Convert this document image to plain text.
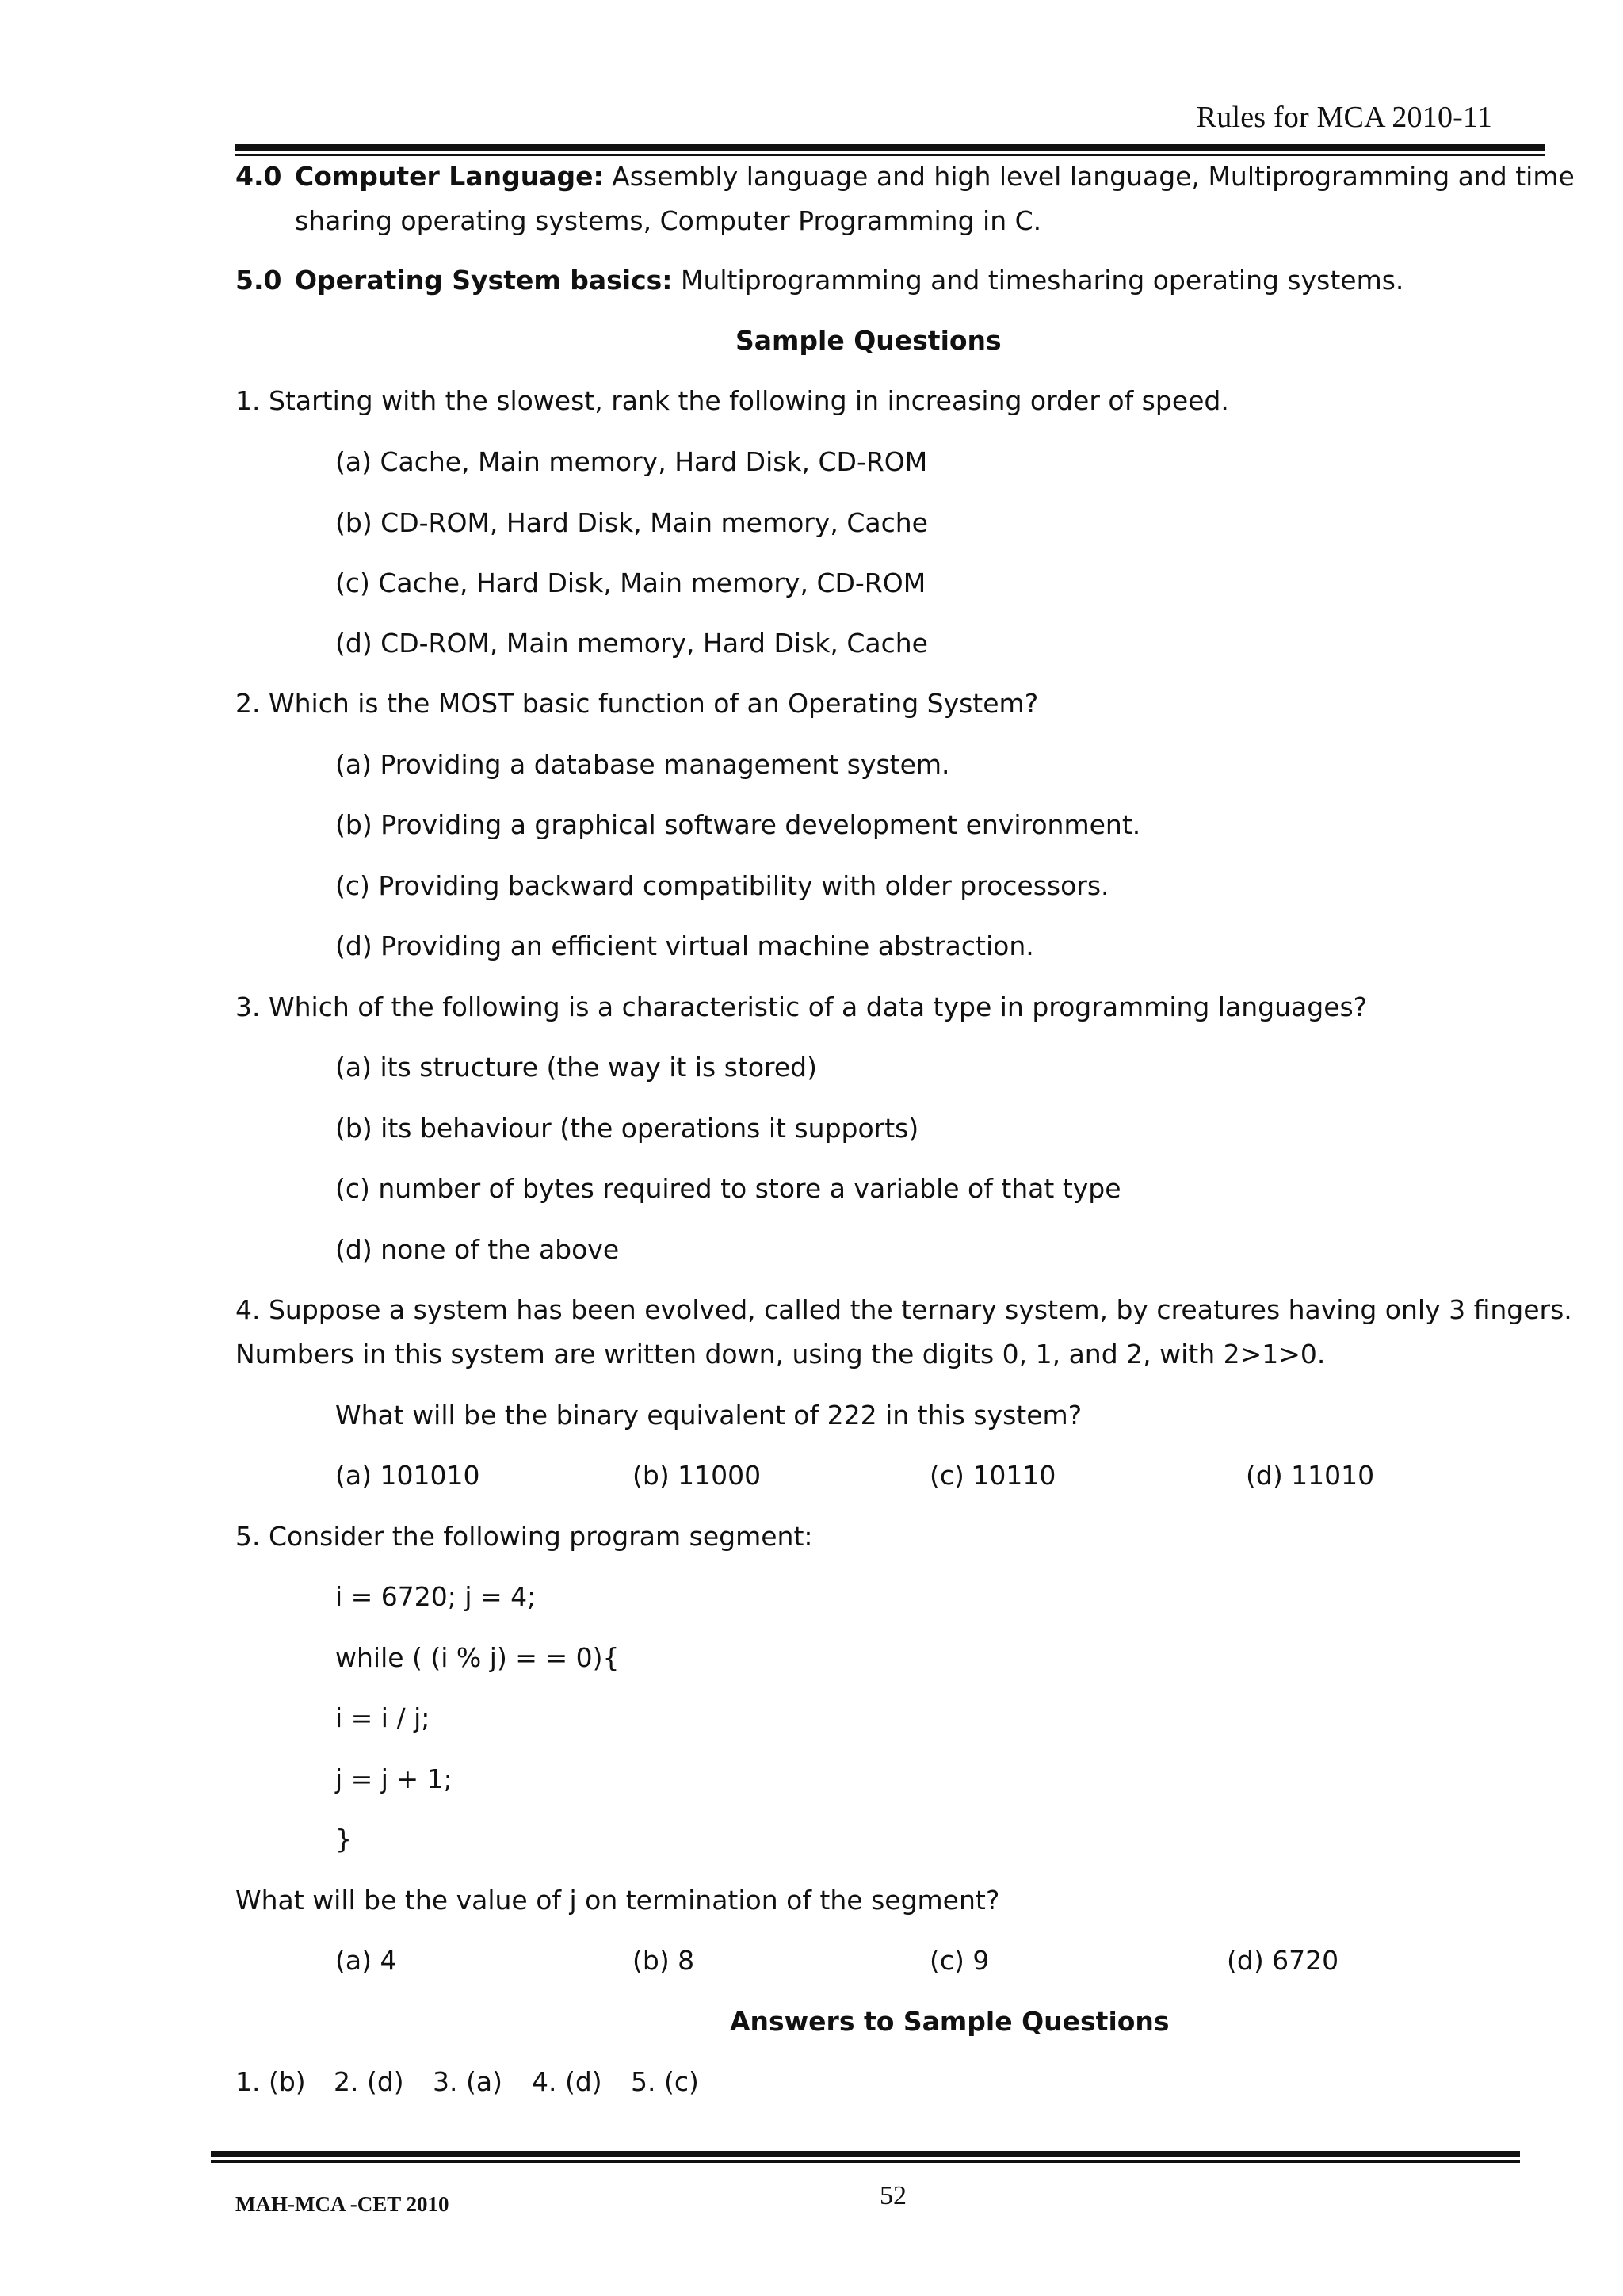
Rules for MCA 2010-11
4.0 Computer Language: Assembly language and high level language, Multiprogramming and time
sharing operating systems, Computer Programming in C.
5.0 Operating System basics: Multiprogramming and timesharing operating systems.
Sample Questions
1. Starting with the slowest, rank the following in increasing order of speed.
(a) Cache, Main memory, Hard Disk, CD-ROM
(b) CD-ROM, Hard Disk, Main memory, Cache
(c) Cache, Hard Disk, Main memory, CD-ROM
(d) CD-ROM, Main memory, Hard Disk, Cache
2. Which is the MOST basic function of an Operating System?
(a) Providing a database management system.
(b) Providing a graphical software development environment.
(c) Providing backward compatibility with older processors.
(d) Providing an efficient virtual machine abstraction.
3. Which of the following is a characteristic of a data type in programming languages?
(a) its structure (the way it is stored)
(b) its behaviour (the operations it supports)
(c) number of bytes required to store a variable of that type
(d) none of the above
4. Suppose a system has been evolved, called the ternary system, by creatures having only 3 fingers.
Numbers in this system are written down, using the digits 0, 1, and 2, with 2>1>0.
What will be the binary equivalent of 222 in this system?
(a) 101010	(b) 11000	(c) 10110	(d) 11010
5. Consider the following program segment:
i = 6720; j = 4;
while ( (i % j) = = 0){
i = i / j;
j = j + 1;
}
What will be the value of j on termination of the segment?
(a) 4	(b) 8	(c) 9	(d) 6720
Answers to Sample Questions
1. (b) 2. (d) 3. (a) 4. (d) 5. (c)
MAH-MCA -CET 2010	52
